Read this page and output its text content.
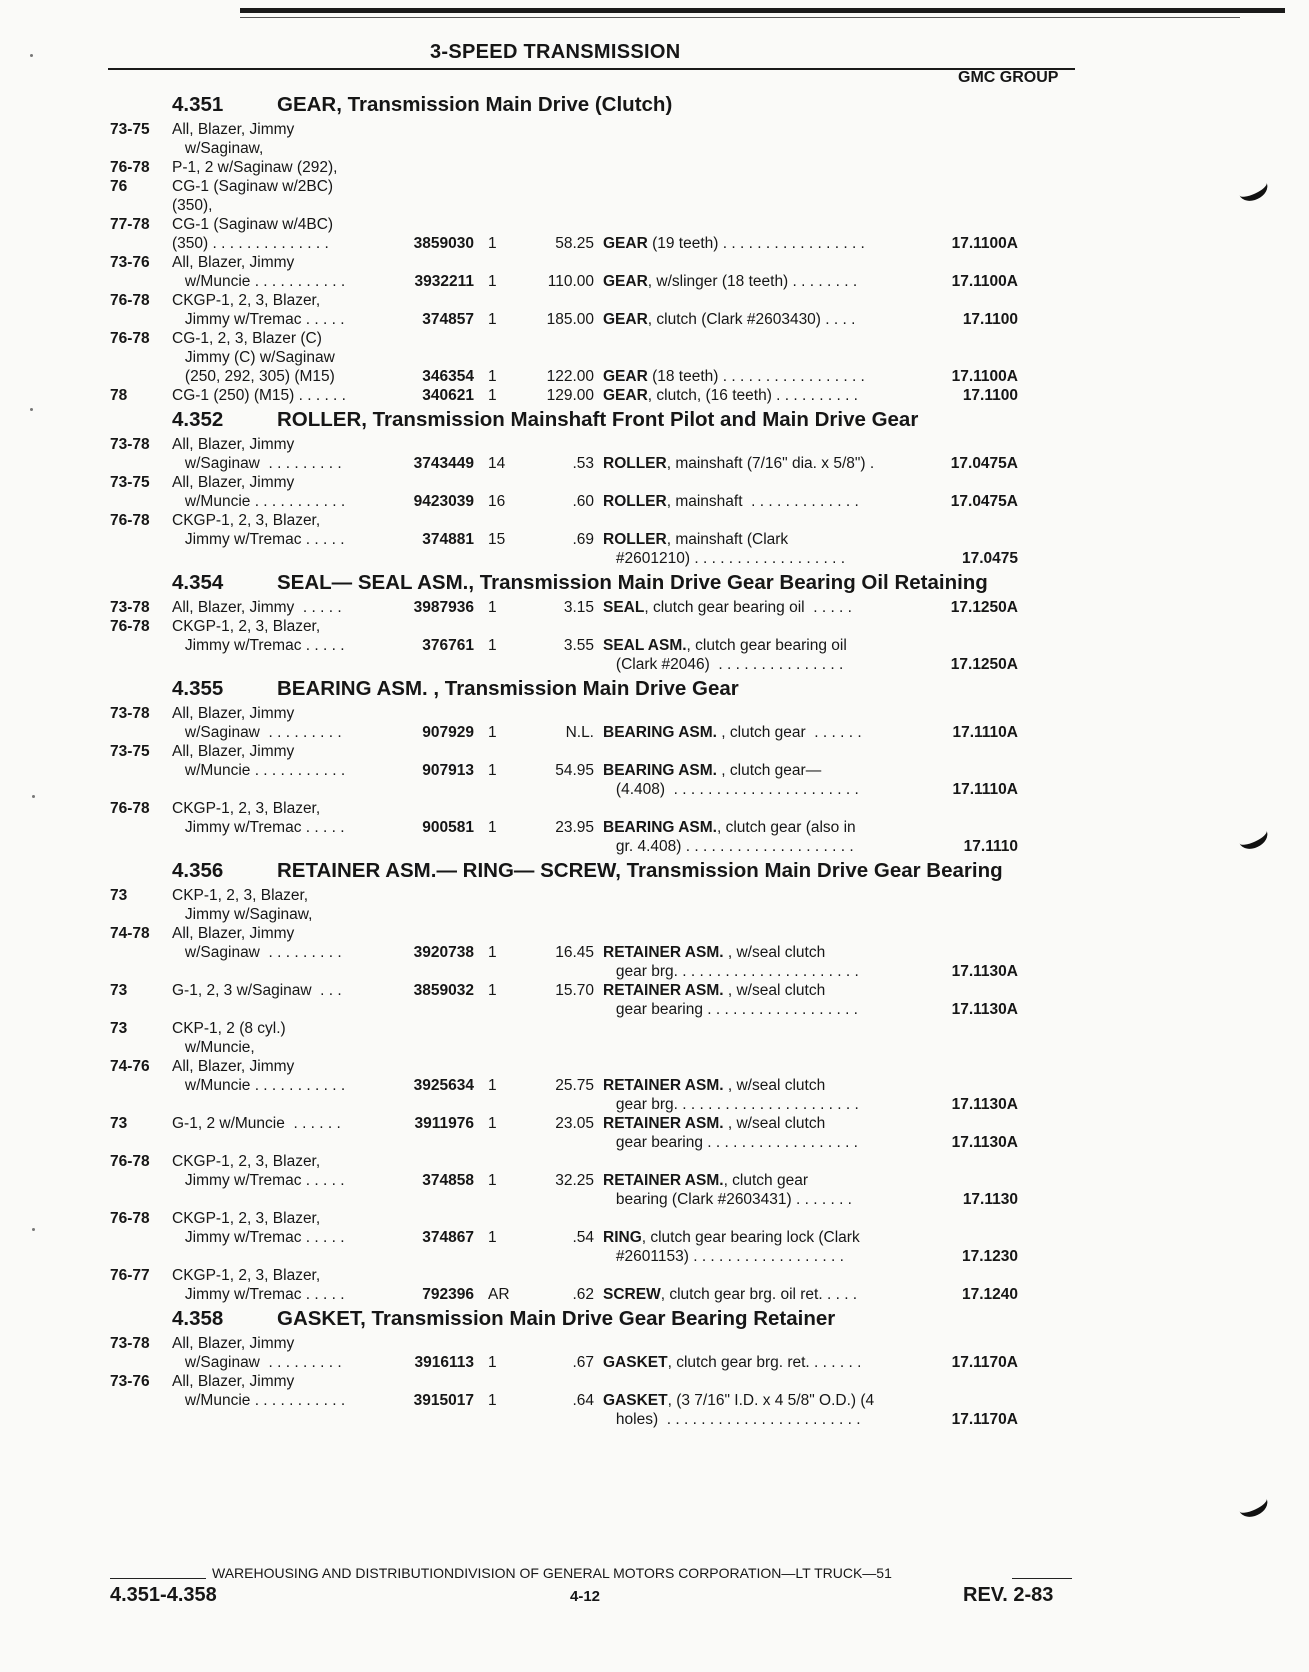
3-SPEED TRANSMISSION
GMC GROUP
4.351	GEAR, Transmission Main Drive (Clutch)
73-75	All, Blazer, Jimmy
w/Saginaw,
76-78	P-1, 2 w/Saginaw (292),
76	CG-1 (Saginaw w/2BC)
(350),
77-78	CG-1 (Saginaw w/4BC)
(350) . . . . . . . . . . . . . .	3859030 1	58.25 GEAR (19 teeth) . . . . . . . . . . . . . . . . .	17.1100A
73-76	All, Blazer, Jimmy
w/Muncie . . . . . . . . . . .	3932211 1	110.00 GEAR, w/slinger (18 teeth) . . . . . . . .	17.1100A
76-78	CKGP-1, 2, 3, Blazer,
Jimmy w/Tremac . . . . .	374857 1	185.00 GEAR, clutch (Clark #2603430) . . . .	17.1100
76-78	CG-1, 2, 3, Blazer (C)
Jimmy (C) w/Saginaw
(250, 292, 305) (M15)	346354 1	122.00 GEAR (18 teeth) . . . . . . . . . . . . . . . . .	17.1100A
78	CG-1 (250) (M15) . . . . . .	340621 1	129.00 GEAR, clutch, (16 teeth) . . . . . . . . . .	17.1100
4.352	ROLLER, Transmission Mainshaft Front Pilot and Main Drive Gear
73-78	All, Blazer, Jimmy
w/Saginaw  . . . . . . . . .	3743449 14	.53 ROLLER, mainshaft (7/16" dia. x 5/8") .	17.0475A
73-75	All, Blazer, Jimmy
w/Muncie . . . . . . . . . . .	9423039 16	.60 ROLLER, mainshaft  . . . . . . . . . . . . .	17.0475A
76-78	CKGP-1, 2, 3, Blazer,
Jimmy w/Tremac . . . . .	374881 15	.69 ROLLER, mainshaft (Clark
#2601210) . . . . . . . . . . . . . . . . . .	17.0475
4.354	SEAL— SEAL ASM., Transmission Main Drive Gear Bearing Oil Retaining
73-78	All, Blazer, Jimmy  . . . . .	3987936 1	3.15 SEAL, clutch gear bearing oil  . . . . .	17.1250A
76-78	CKGP-1, 2, 3, Blazer,
Jimmy w/Tremac . . . . .	376761 1	3.55 SEAL ASM., clutch gear bearing oil
(Clark #2046)  . . . . . . . . . . . . . . .	17.1250A
4.355	BEARING ASM. , Transmission Main Drive Gear
73-78	All, Blazer, Jimmy
w/Saginaw  . . . . . . . . .	907929 1	N.L. BEARING ASM. , clutch gear  . . . . . .	17.1110A
73-75	All, Blazer, Jimmy
w/Muncie . . . . . . . . . . .	907913 1	54.95 BEARING ASM. , clutch gear—
(4.408)  . . . . . . . . . . . . . . . . . . . . . .	17.1110A
76-78	CKGP-1, 2, 3, Blazer,
Jimmy w/Tremac . . . . .	900581 1	23.95 BEARING ASM., clutch gear (also in
gr. 4.408) . . . . . . . . . . . . . . . . . . . .	17.1110
4.356	RETAINER ASM.— RING— SCREW, Transmission Main Drive Gear Bearing
73	CKP-1, 2, 3, Blazer,
Jimmy w/Saginaw,
74-78	All, Blazer, Jimmy
w/Saginaw  . . . . . . . . .	3920738 1	16.45 RETAINER ASM. , w/seal clutch
gear brg. . . . . . . . . . . . . . . . . . . . . .	17.1130A
73	G-1, 2, 3 w/Saginaw  . . .	3859032 1	15.70 RETAINER ASM. , w/seal clutch
gear bearing . . . . . . . . . . . . . . . . . .	17.1130A
73	CKP-1, 2 (8 cyl.)
w/Muncie,
74-76	All, Blazer, Jimmy
w/Muncie . . . . . . . . . . .	3925634 1	25.75 RETAINER ASM. , w/seal clutch
gear brg. . . . . . . . . . . . . . . . . . . . . .	17.1130A
73	G-1, 2 w/Muncie  . . . . . .	3911976 1	23.05 RETAINER ASM. , w/seal clutch
gear bearing . . . . . . . . . . . . . . . . . .	17.1130A
76-78	CKGP-1, 2, 3, Blazer,
Jimmy w/Tremac . . . . .	374858 1	32.25 RETAINER ASM., clutch gear
bearing (Clark #2603431) . . . . . . .	17.1130
76-78	CKGP-1, 2, 3, Blazer,
Jimmy w/Tremac . . . . .	374867 1	.54 RING, clutch gear bearing lock (Clark
#2601153) . . . . . . . . . . . . . . . . . .	17.1230
76-77	CKGP-1, 2, 3, Blazer,
Jimmy w/Tremac . . . . .	792396 AR	.62 SCREW, clutch gear brg. oil ret. . . . .	17.1240
4.358	GASKET, Transmission Main Drive Gear Bearing Retainer
73-78	All, Blazer, Jimmy
w/Saginaw  . . . . . . . . .	3916113 1	.67 GASKET, clutch gear brg. ret. . . . . . .	17.1170A
73-76	All, Blazer, Jimmy
w/Muncie . . . . . . . . . . .	3915017 1	.64 GASKET, (3 7/16" I.D. x 4 5/8" O.D.) (4
holes)  . . . . . . . . . . . . . . . . . . . . . . .	17.1170A
WAREHOUSING AND DISTRIBUTIONDIVISION OF GENERAL MOTORS CORPORATION—LT TRUCK—51
4.351-4.358	4-12	REV. 2-83
